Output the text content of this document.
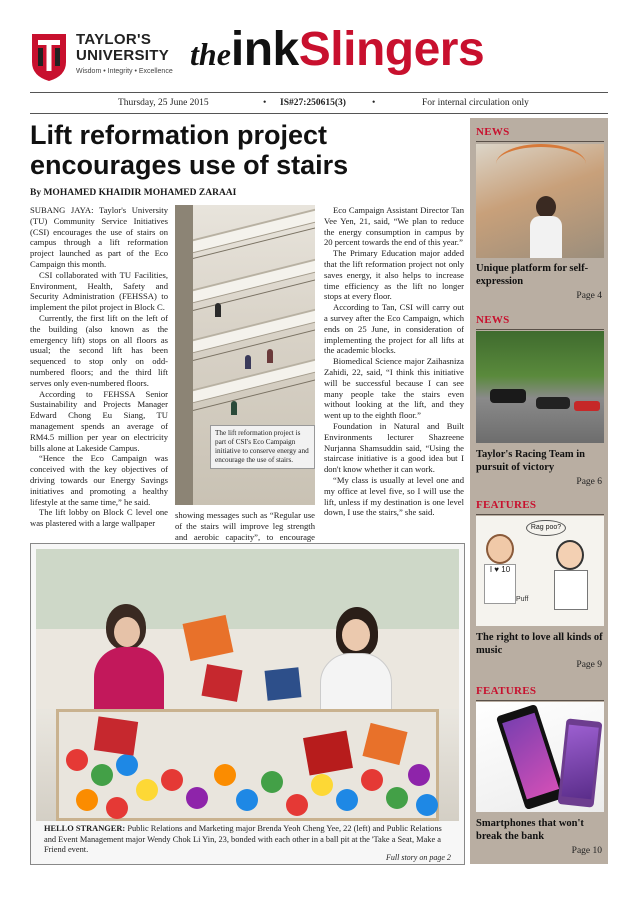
TAYLOR'S
UNIVERSITY
Wisdom • Integrity • Excellence theinkSlingers
Thursday, 25 June 2015	• IS#27:250615(3)	•	For internal circulation only
Lift reformation project encourages use of stairs
By MOHAMED KHAIDIR MOHAMED ZARAAI

SUBANG JAYA: Taylor's University (TU) Community Service Initiatives (CSI) encourages the use of stairs on campus through a lift reformation project launched as part of the Eco Campaign this month.

CSI collaborated with TU Facilities, Environment, Health, Safety and Security Administration (FEHSSA) to implement the pilot project in Block C.

Currently, the first lift on the left of the building (also known as the emergency lift) stops on all floors as usual; the second lift has been sequenced to stop only on odd-numbered floors; and the third lift serves only even-numbered floors.

According to FEHSSA Senior Sustainability and Projects Manager Edward Chong Eu Siang, TU management spends an average of RM4.5 million per year on electricity bills alone at Lakeside Campus.

“Hence the Eco Campaign was conceived with the key objectives of driving towards our Energy Savings initiatives and promoting a healthy lifestyle at the same time,” he said.

The lift lobby on Block C level one was plastered with a large wallpaper

The lift reformation project is part of CSI's Eco Campaign initiative to conserve energy and encourage the use of stairs.

showing messages such as “Regular use of the stairs will improve leg strength and aerobic capacity”, to encourage

Eco Campaign Assistant Director Tan Vee Yen, 21, said, “We plan to reduce the energy consumption in campus by 20 percent towards the end of this year.”

The Primary Education major added that the lift reformation project not only saves energy, it also helps to increase time efficiency as the lift no longer stops at every floor.

According to Tan, CSI will carry out a survey after the Eco Campaign, which ends on 25 June, in consideration of implementing the project for all lifts at the academic blocks.

Biomedical Science major Zaihasniza Zahidi, 22, said, “I think this initiative will be successful because I can see many people take the stairs even without looking at the lift, and they went up to the eighth floor.”

Foundation in Natural and Built Environments lecturer Shazreene Nurjanna Shamsuddin said, “Using the staircase initiative is a good idea but I don't know whether it can work.

“My class is usually at level one and my office at level five, so I will use the lift, unless if my destination is one level down, I use the stairs,” she said.

HELLO STRANGER: Public Relations and Marketing major Brenda Yeoh Cheng Yee, 22 (left) and Public Relations and Event Management major Wendy Chok Li Yin, 23, bonded with each other in a ball pit at the 'Take a Seat, Make a Friend event.
Full story on page 2
NEWS
Unique platform for self-expression
Page 4
NEWS
Taylor's Racing Team in pursuit of victory
Page 6
FEATURES
I ♥ 10
Rag poo?
Puff
The right to love all kinds of music
Page 9
FEATURES
Smartphones that won't break the bank
Page 10
